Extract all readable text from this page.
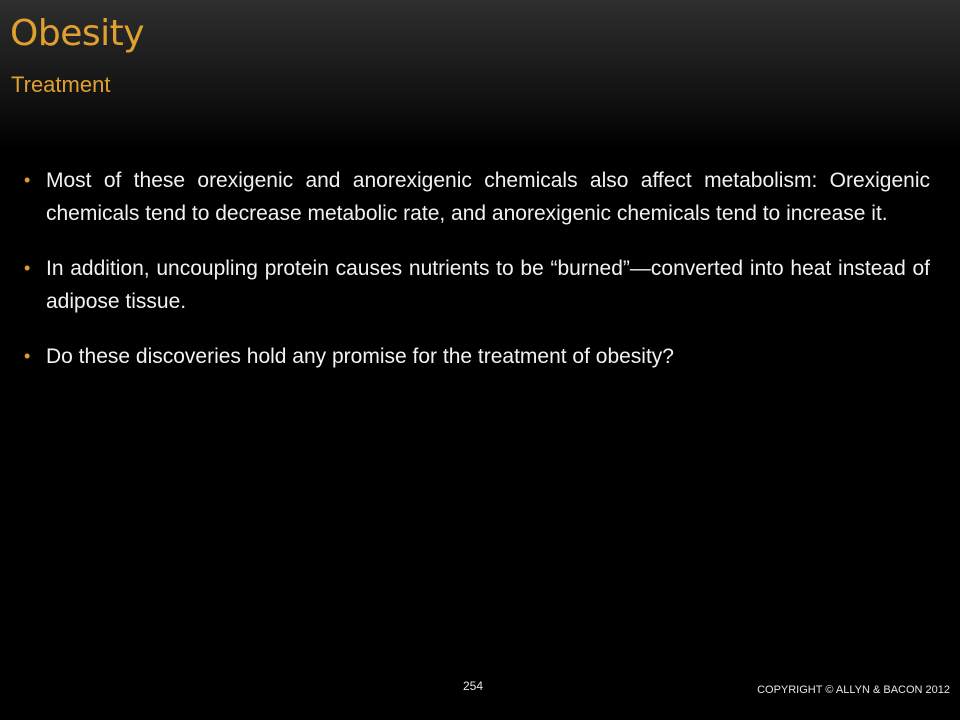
Obesity
Treatment
• Most of these orexigenic and anorexigenic chemicals also affect metabolism: Orexigenic chemicals tend to decrease metabolic rate, and anorexigenic chemicals tend to increase it.
• In addition, uncoupling protein causes nutrients to be “burned”—converted into heat instead of adipose tissue.
• Do these discoveries hold any promise for the treatment of obesity?
254	COPYRIGHT © ALLYN & BACON 2012
